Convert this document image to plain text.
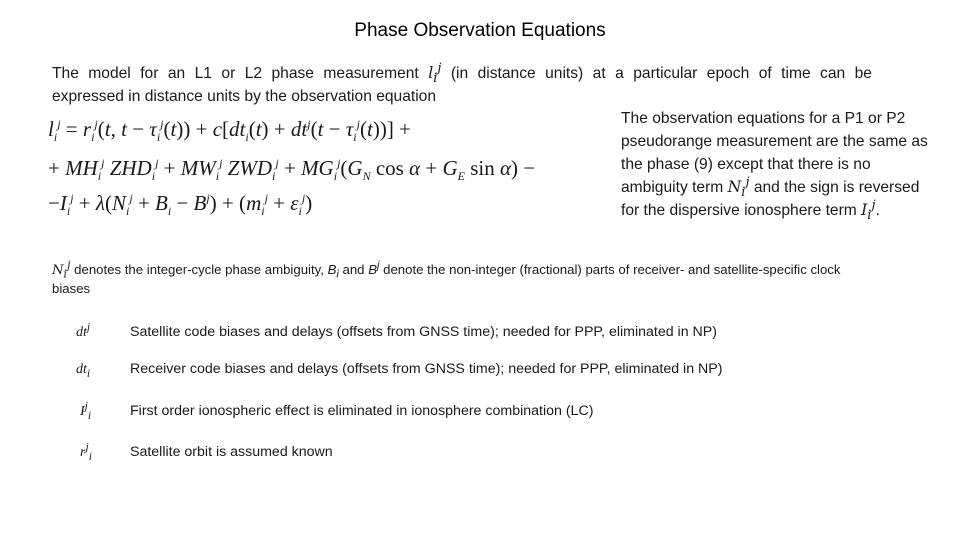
Phase Observation Equations
The model for an L1 or L2 phase measurement $l_i^j$ (in distance units) at a particular epoch of time can be
expressed in distance units by the observation equation
$l_i^j = r_i^j(t$, $t - \tau_i^j(t)) + c[dt_i(t) + dt^j(t - \tau_i^j(t))]$ +
+ $MH_i^j$ $ZHD_i^j + MW_i^j$ $ZWD_i^j + MG_i^j(G_N$ $\cos \alpha + G_E$ sin α) −
$-I_i^j + \lambda(N_i^j + B_i - B^j) + (m_i^j + \varepsilon_i^j)$
The observation equations for a P1 or P2 pseudorange measurement are the same as the phase (9) except that there is no ambiguity term $N_i^j$ and the sign is reversed for the dispersive ionosphere term $I_i^j$.
$N_i^j$ denotes the integer-cycle phase ambiguity, $B_i$ and $B^j$ denote the non-integer (fractional) parts of receiver- and satellite-specific clock biases
$dt^j$	Satellite code biases and delays (offsets from GNSS time); needed for PPP, eliminated in NP)
$dt_i$	Receiver code biases and delays (offsets from GNSS time); needed for PPP, eliminated in NP)
$I^j_i$	First order ionospheric effect is eliminated in ionosphere combination (LC)
$r^j_i$	Satellite orbit is assumed known
